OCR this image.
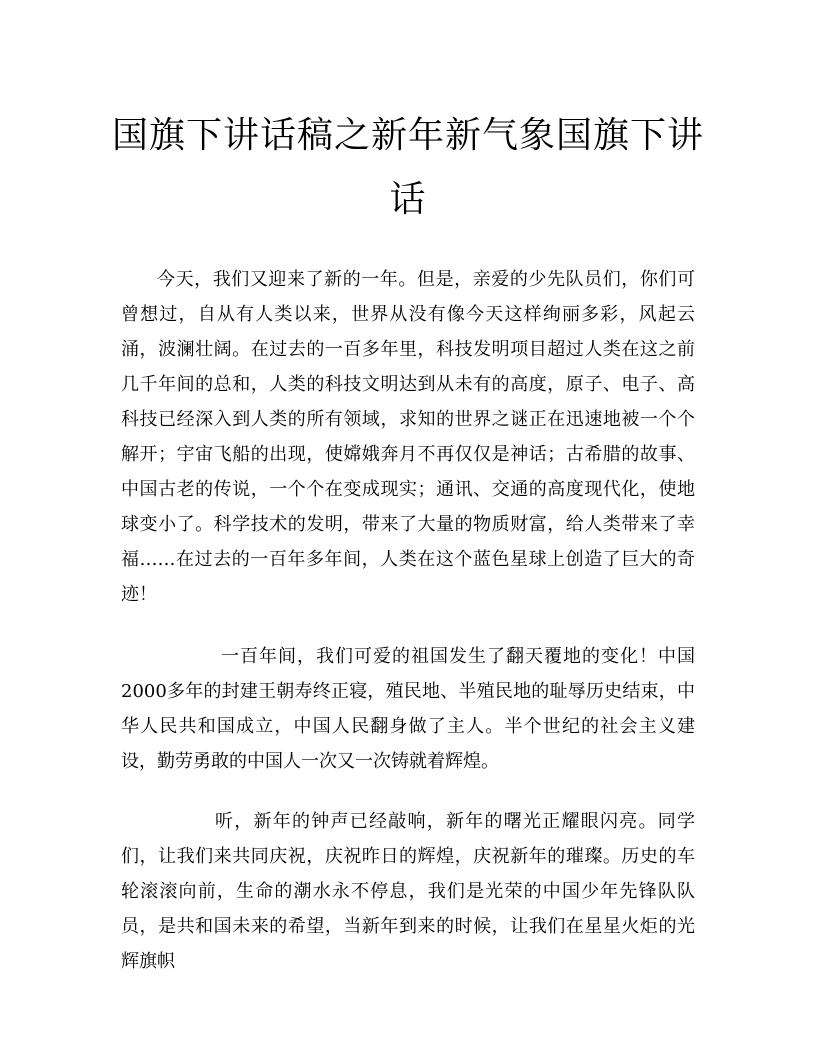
国旗下讲话稿之新年新气象国旗下讲话

今天，我们又迎来了新的一年。但是，亲爱的少先队员们，你们可曾想过，自从有人类以来，世界从没有像今天这样绚丽多彩，风起云涌，波澜壮阔。在过去的一百多年里，科技发明项目超过人类在这之前几千年间的总和，人类的科技文明达到从未有的高度，原子、电子、高科技已经深入到人类的所有领域，求知的世界之谜正在迅速地被一个个解开；宇宙飞船的出现，使嫦娥奔月不再仅仅是神话；古希腊的故事、中国古老的传说，一个个在变成现实；通讯、交通的高度现代化，使地球变小了。科学技术的发明，带来了大量的物质财富，给人类带来了幸福……在过去的一百年多年间，人类在这个蓝色星球上创造了巨大的奇迹！

一百年间，我们可爱的祖国发生了翻天覆地的变化！中国2000多年的封建王朝寿终正寝，殖民地、半殖民地的耻辱历史结束，中华人民共和国成立，中国人民翻身做了主人。半个世纪的社会主义建设，勤劳勇敢的中国人一次又一次铸就着辉煌。

听，新年的钟声已经敲响，新年的曙光正耀眼闪亮。同学们，让我们来共同庆祝，庆祝昨日的辉煌，庆祝新年的璀璨。历史的车轮滚滚向前，生命的潮水永不停息，我们是光荣的中国少年先锋队队员，是共和国未来的希望，当新年到来的时候，让我们在星星火炬的光辉旗帜
